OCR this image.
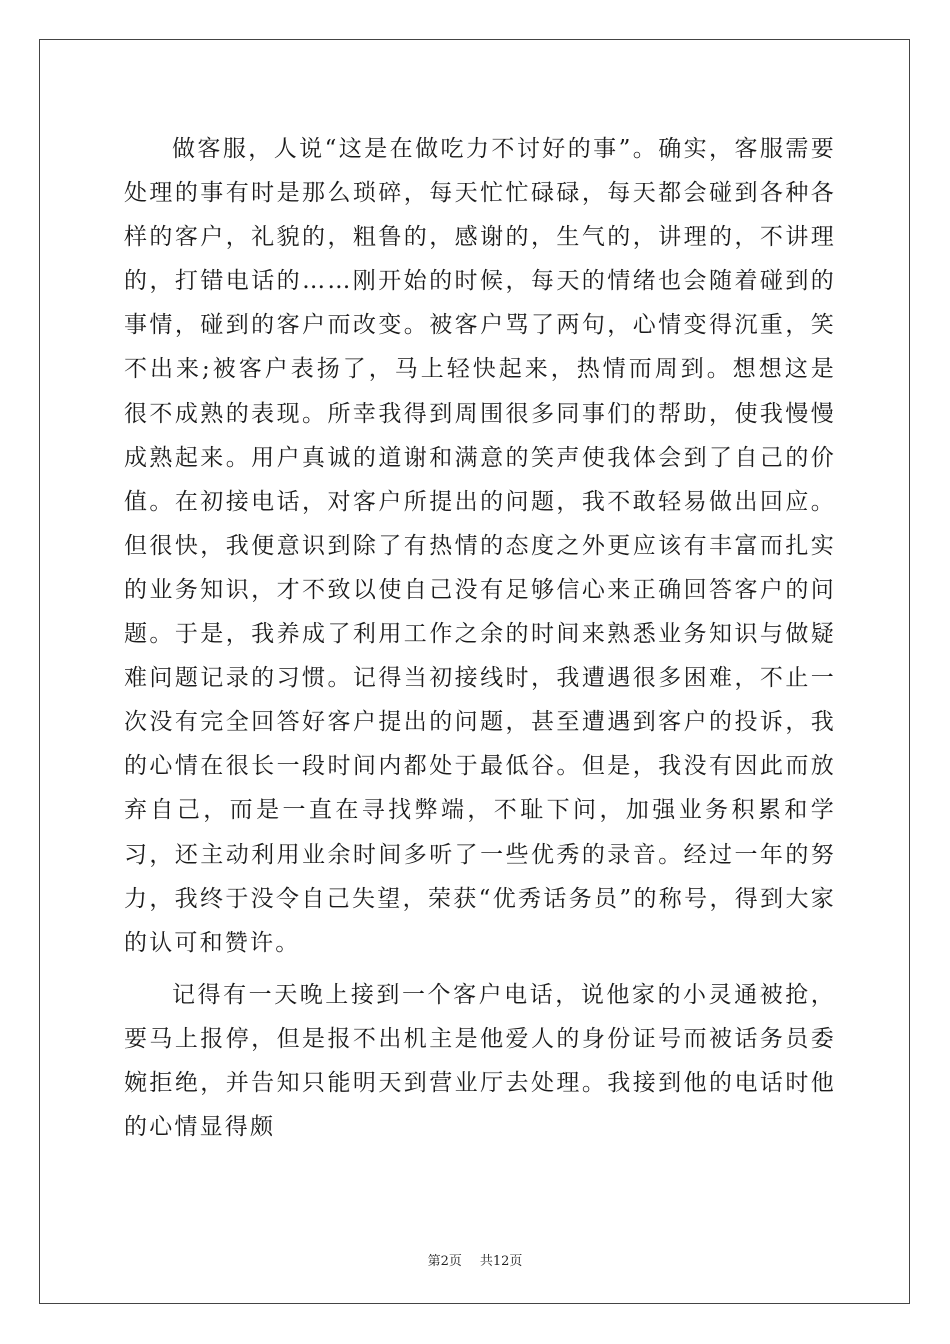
做客服，人说“这是在做吃力不讨好的事”。确实，客服需要处理的事有时是那么琐碎，每天忙忙碌碌，每天都会碰到各种各样的客户，礼貌的，粗鲁的，感谢的，生气的，讲理的，不讲理的，打错电话的……刚开始的时候，每天的情绪也会随着碰到的事情，碰到的客户而改变。被客户骂了两句，心情变得沉重，笑不出来;被客户表扬了，马上轻快起来，热情而周到。想想这是很不成熟的表现。所幸我得到周围很多同事们的帮助，使我慢慢成熟起来。用户真诚的道谢和满意的笑声使我体会到了自己的价值。在初接电话，对客户所提出的问题，我不敢轻易做出回应。但很快，我便意识到除了有热情的态度之外更应该有丰富而扎实的业务知识，才不致以使自己没有足够信心来正确回答客户的问题。于是，我养成了利用工作之余的时间来熟悉业务知识与做疑难问题记录的习惯。记得当初接线时，我遭遇很多困难，不止一次没有完全回答好客户提出的问题，甚至遭遇到客户的投诉，我的心情在很长一段时间内都处于最低谷。但是，我没有因此而放弃自己，而是一直在寻找弊端，不耻下问，加强业务积累和学习，还主动利用业余时间多听了一些优秀的录音。经过一年的努力，我终于没令自己失望，荣获“优秀话务员”的称号，得到大家的认可和赞许。

记得有一天晚上接到一个客户电话，说他家的小灵通被抢，要马上报停，但是报不出机主是他爱人的身份证号而被话务员委婉拒绝，并告知只能明天到营业厅去处理。我接到他的电话时他的心情显得颇

第2页 共12页
